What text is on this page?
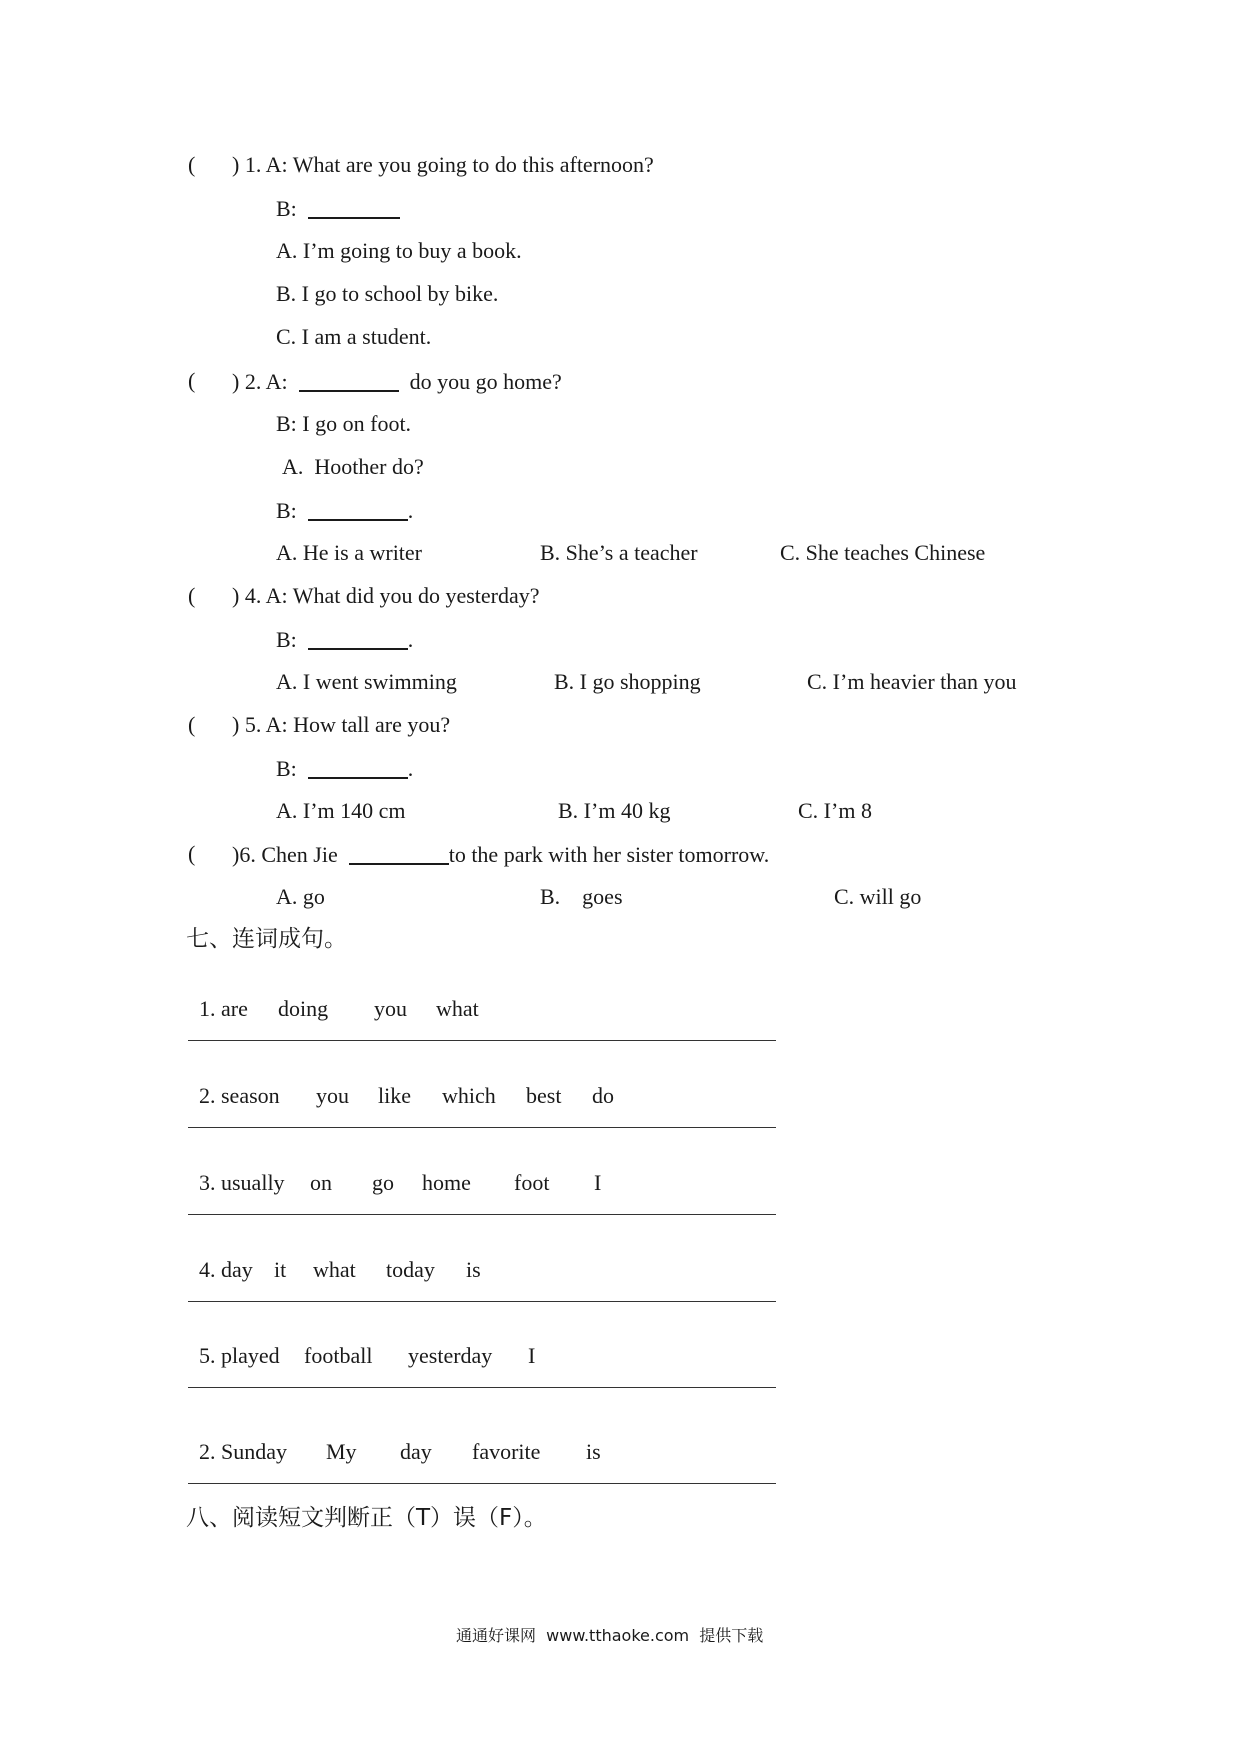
( ) 1. A: What are you going to do this afternoon?
B:
A. I’m going to buy a book.
B. I go to school by bike.
C. I am a student.
( ) 2. A:	do you go home?
B: I go on foot.
A.  Hoother do?
B:	.
A. He is a writer	B. She’s a teacher	C. She teaches Chinese
( ) 4. A: What did you do yesterday?
B:	.
A. I went swimming	B. I go shopping	C. I’m heavier than you
( ) 5. A: How tall are you?
B:	.
A. I’m 140 cm	B. I’m 40 kg	C. I’m 8
( )6. Chen Jie	to the park with her sister tomorrow.
A. go	B.    goes	C. will go
七、连词成句。

1. are doing you what

2. season you like which best do

3. usually on go home foot I

4. day it what today is

5. played football yesterday I

2. Sunday My day favorite is

八、阅读短文判断正（T）误（F）。
通通好课网  www.tthaoke.com  提供下载
